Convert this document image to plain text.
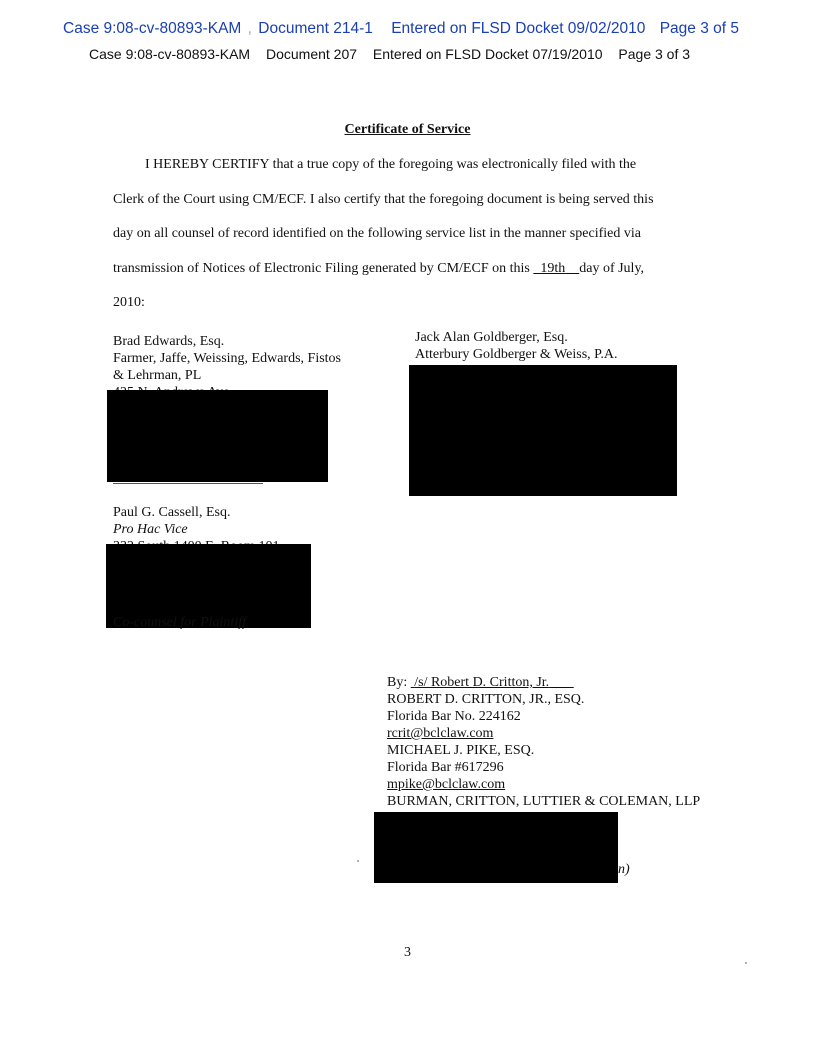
Case 9:08-cv-80893-KAM , Document 214-1 Entered on FLSD Docket 09/02/2010 Page 3 of 5
Case 9:08-cv-80893-KAM Document 207 Entered on FLSD Docket 07/19/2010 Page 3 of 3
Certificate of Service

I HEREBY CERTIFY that a true copy of the foregoing was electronically filed with the

Clerk of the Court using CM/ECF. I also certify that the foregoing document is being served this

day on all counsel of record identified on the following service list in the manner specified via

transmission of Notices of Electronic Filing generated by CM/ECF on this   19th day of July,

2010:

Brad Edwards, Esq.
Farmer, Jaffe, Weissing, Edwards, Fistos
& Lehrman, PL
Jack Alan Goldberger, Esq.
Atterbury Goldberger & Weiss, P.A.
Paul G. Cassell, Esq.
Pro Hac Vice
Co-counsel for Plaintiff
By: /s/ Robert D. Critton, Jr.
ROBERT D. CRITTON, JR., ESQ.
Florida Bar No. 224162
rcrit@bclclaw.com
MICHAEL J. PIKE, ESQ.
Florida Bar #617296
mpike@bclclaw.com
BURMAN, CRITTON, LUTTIER & COLEMAN, LLP
n)
3
